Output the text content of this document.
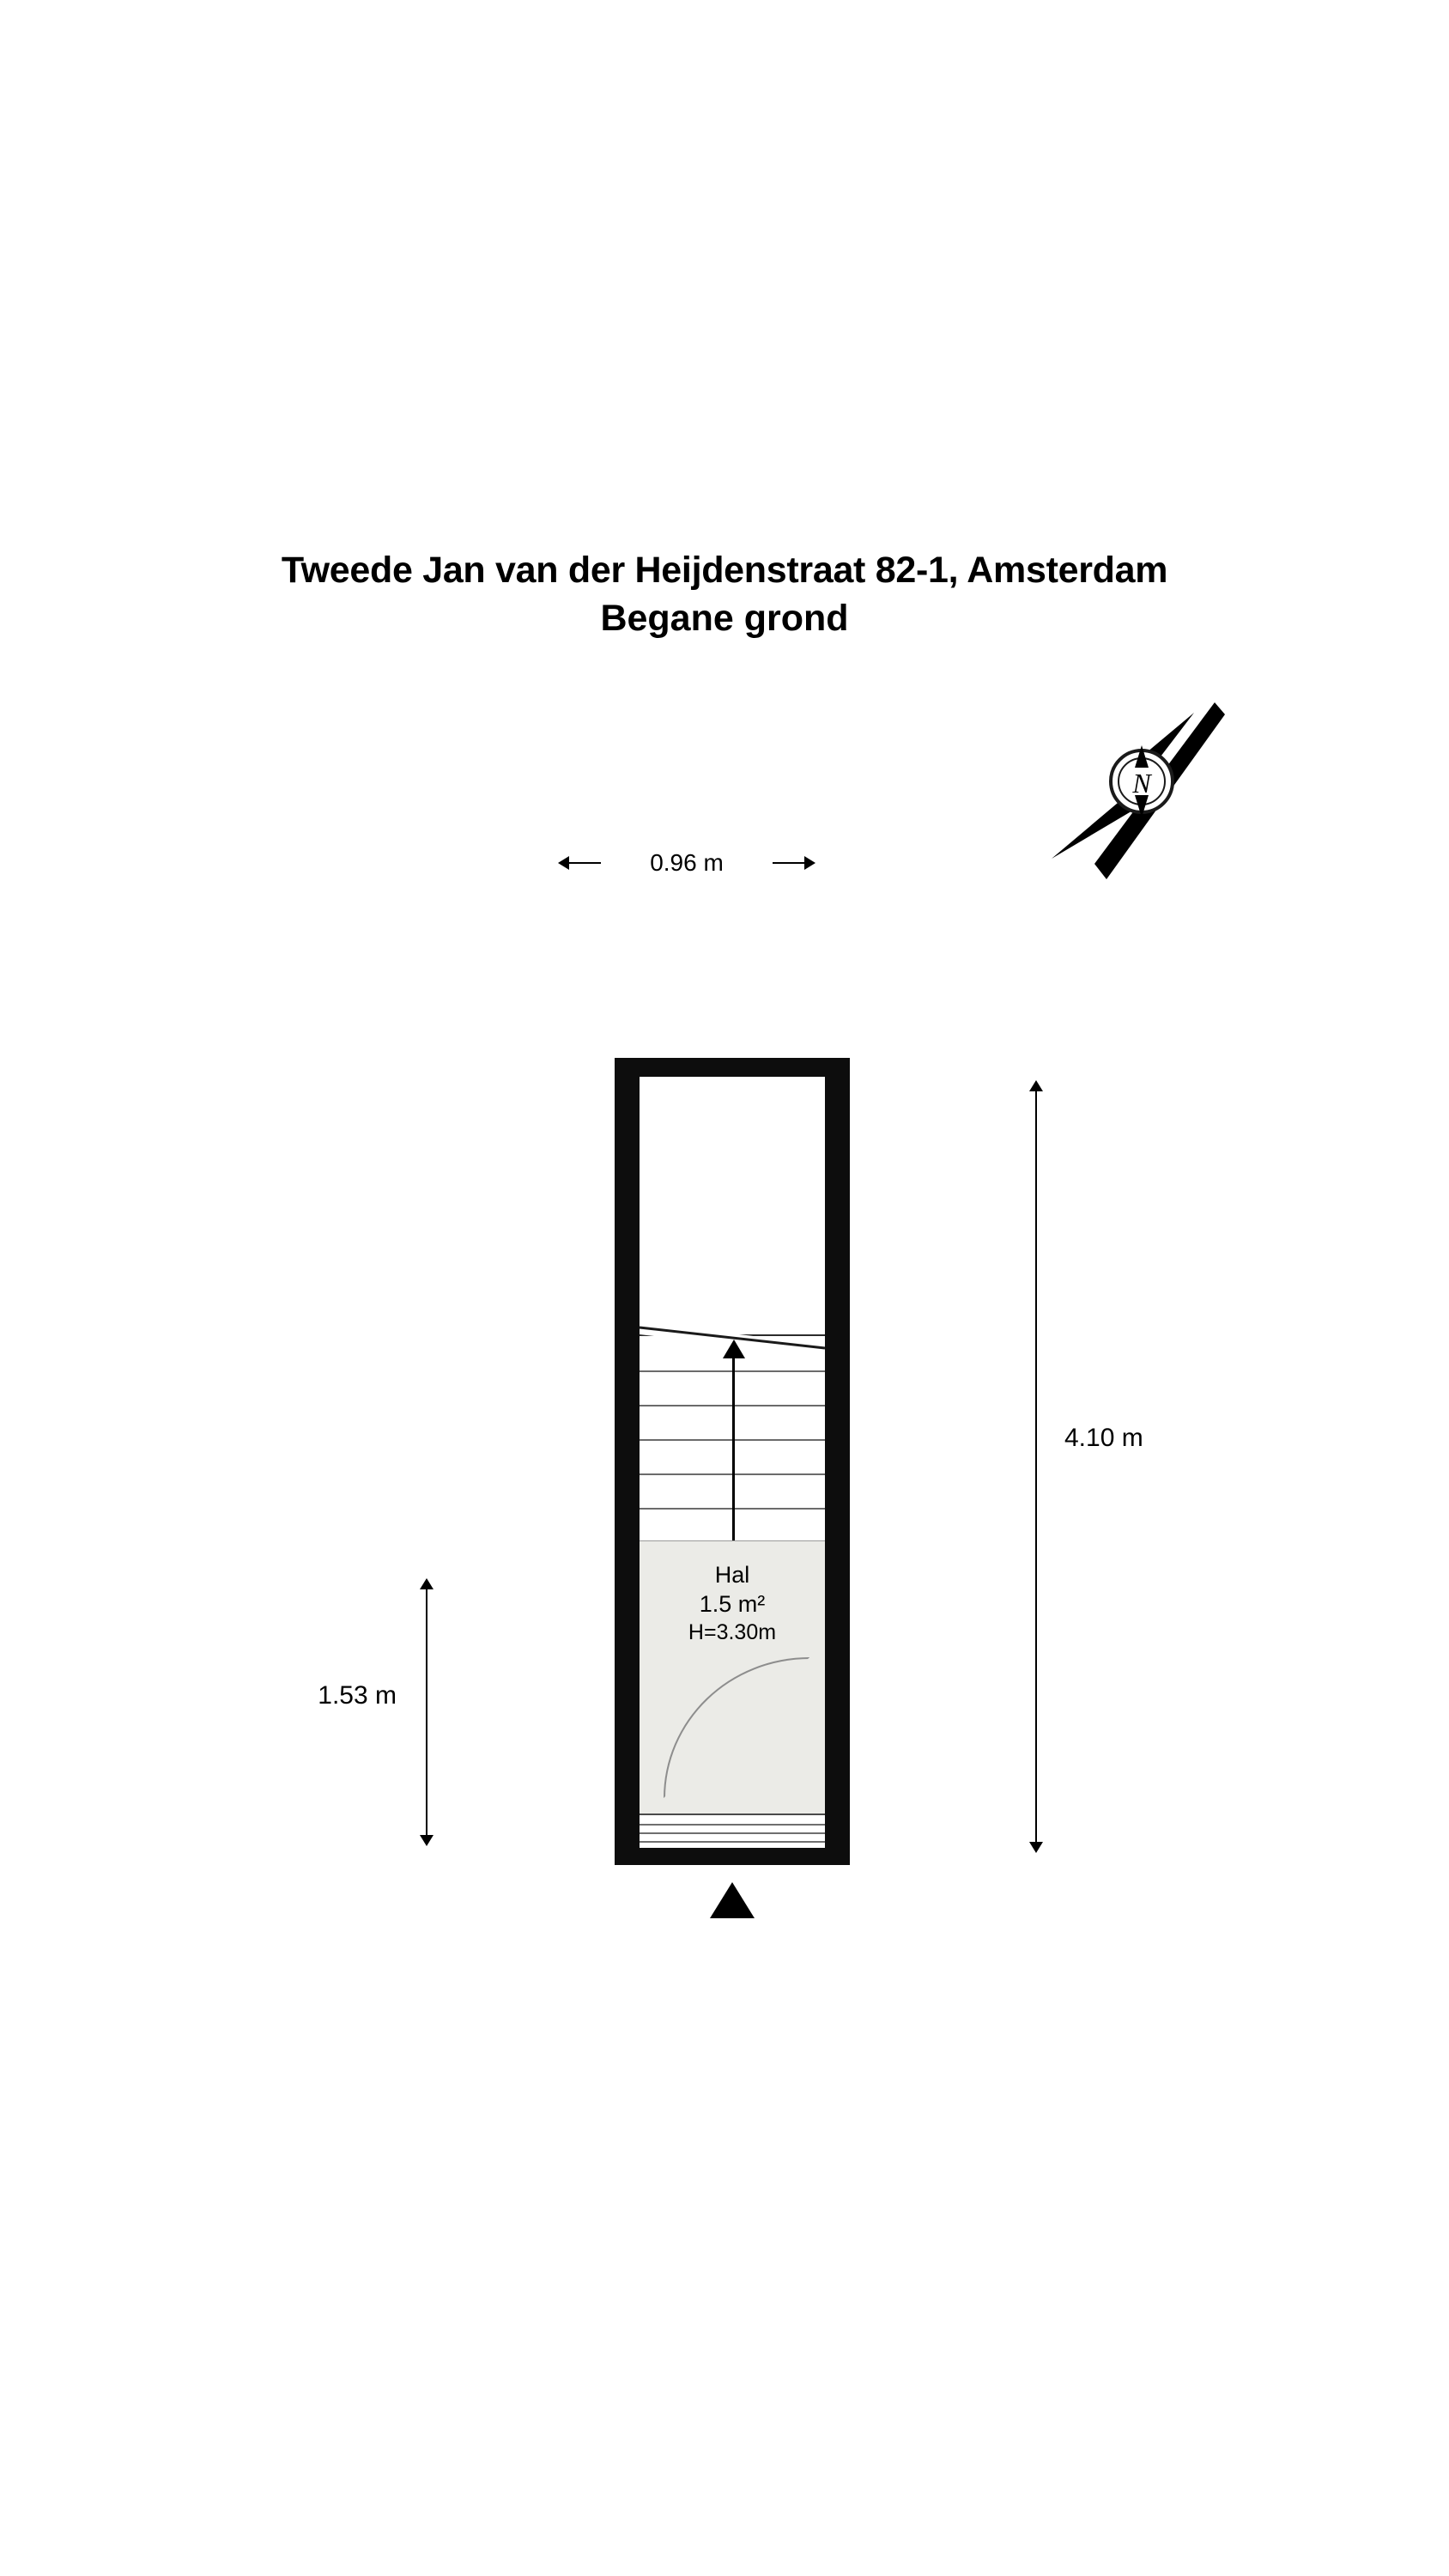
Tweede Jan van der Heijdenstraat 82-1, Amsterdam
Begane grond
N
0.96 m
Hal
1.5 m²
H=3.30m
4.10 m
1.53 m
